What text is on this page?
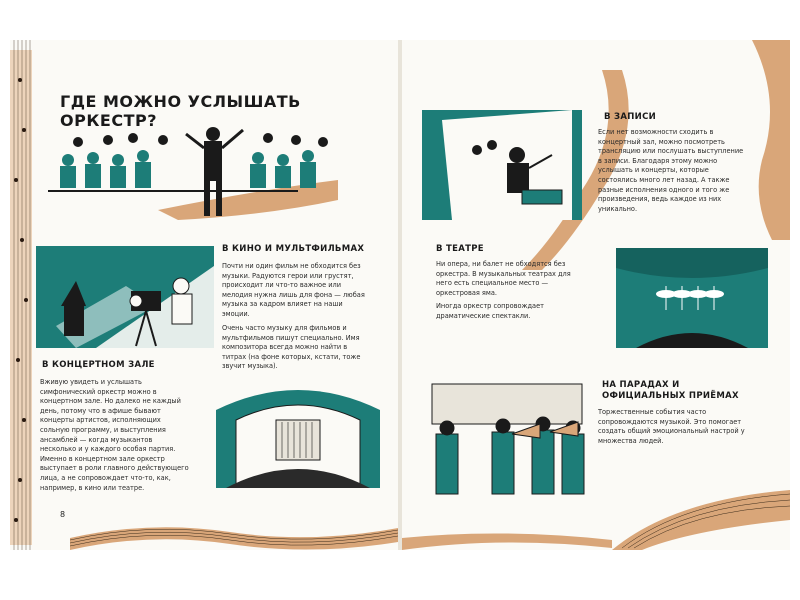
ГДЕ МОЖНО УСЛЫШАТЬ ОРКЕСТР?
В КИНО И МУЛЬТФИЛЬМАХ

Почти ни один фильм не обходится без музыки. Радуются герои или грустят, происходит ли что-то важное или мелодия нужна лишь для фона — любая музыка за кадром влияет на наши эмоции.

Очень часто музыку для фильмов и мультфильмов пишут специально. Имя композитора всегда можно найти в титрах (на фоне которых, кстати, тоже звучит музыка).

В КОНЦЕРТНОМ ЗАЛЕ

Вживую увидеть и услышать симфонический оркестр можно в концертном зале. Но далеко не каждый день, потому что в афише бывают концерты артистов, исполняющих сольную программу, и выступления ансамблей — когда музыкантов несколько и у каждого особая партия. Именно в концертном зале оркестр выступает в роли главного действующего лица, а не сопровождает что-то, как, например, в кино или театре.

8
В ЗАПИСИ

Если нет возможности сходить в концертный зал, можно посмотреть трансляцию или послушать выступление в записи. Благодаря этому можно услышать и концерты, которые состоялись много лет назад. А также разные исполнения одного и того же произведения, ведь каждое из них уникально.

В ТЕАТРЕ

Ни опера, ни балет не обходятся без оркестра. В музыкальных театрах для него есть специальное место — оркестровая яма.

Иногда оркестр сопровождает драматические спектакли.

НА ПАРАДАХ И ОФИЦИАЛЬНЫХ ПРИЁМАХ

Торжественные события часто сопровождаются музыкой. Это помогает создать общий эмоциональный настрой у множества людей.
